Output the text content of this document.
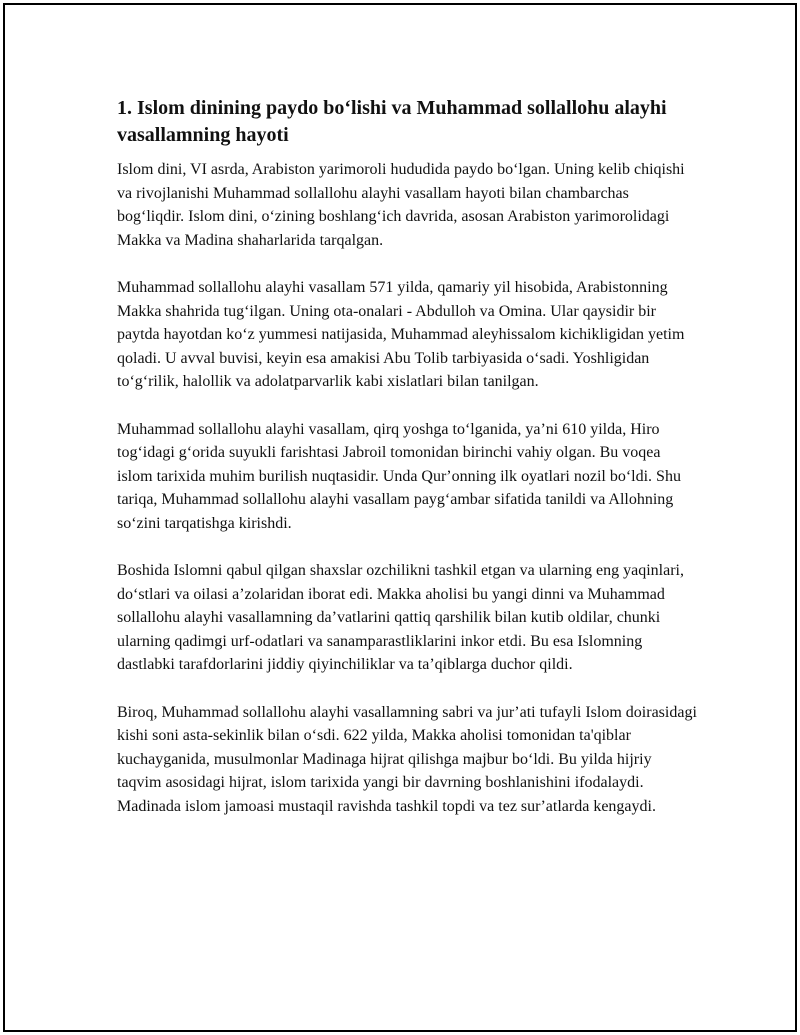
1. Islom dinining paydo boʻlishi va Muhammad sollallohu alayhi vasallamning hayoti

Islom dini, VI asrda, Arabiston yarimoroli hududida paydo boʻlgan. Uning kelib chiqishi va rivojlanishi Muhammad sollallohu alayhi vasallam hayoti bilan chambarchas bogʻliqdir. Islom dini, oʻzining boshlangʻich davrida, asosan Arabiston yarimorolidagi Makka va Madina shaharlarida tarqalgan.

Muhammad sollallohu alayhi vasallam 571 yilda, qamariy yil hisobida, Arabistonning Makka shahrida tugʻilgan. Uning ota-onalari - Abdulloh va Omina. Ular qaysidir bir paytda hayotdan koʻz yummesi natijasida, Muhammad aleyhissalom kichikligidan yetim qoladi. U avval buvisi, keyin esa amakisi Abu Tolib tarbiyasida oʻsadi. Yoshligidan toʻgʻrilik, halollik va adolatparvarlik kabi xislatlari bilan tanilgan.

Muhammad sollallohu alayhi vasallam, qirq yoshga toʻlganida, yaʼni 610 yilda, Hiro togʻidagi gʻorida suyukli farishtasi Jabroil tomonidan birinchi vahiy olgan. Bu voqea islom tarixida muhim burilish nuqtasidir. Unda Qurʼonning ilk oyatlari nozil boʻldi. Shu tariqa, Muhammad sollallohu alayhi vasallam paygʻambar sifatida tanildi va Allohning soʻzini tarqatishga kirishdi.

Boshida Islomni qabul qilgan shaxslar ozchilikni tashkil etgan va ularning eng yaqinlari, doʻstlari va oilasi aʼzolaridan iborat edi. Makka aholisi bu yangi dinni va Muhammad sollallohu alayhi vasallamning daʼvatlarini qattiq qarshilik bilan kutib oldilar, chunki ularning qadimgi urf-odatlari va sanamparastliklarini inkor etdi. Bu esa Islomning dastlabki tarafdorlarini jiddiy qiyinchiliklar va taʼqiblarga duchor qildi.

Biroq, Muhammad sollallohu alayhi vasallamning sabri va jurʼati tufayli Islom doirasidagi kishi soni asta-sekinlik bilan oʻsdi. 622 yilda, Makka aholisi tomonidan ta'qiblar kuchayganida, musulmonlar Madinaga hijrat qilishga majbur boʻldi. Bu yilda hijriy taqvim asosidagi hijrat, islom tarixida yangi bir davrning boshlanishini ifodalaydi. Madinada islom jamoasi mustaqil ravishda tashkil topdi va tez surʼatlarda kengaydi.
